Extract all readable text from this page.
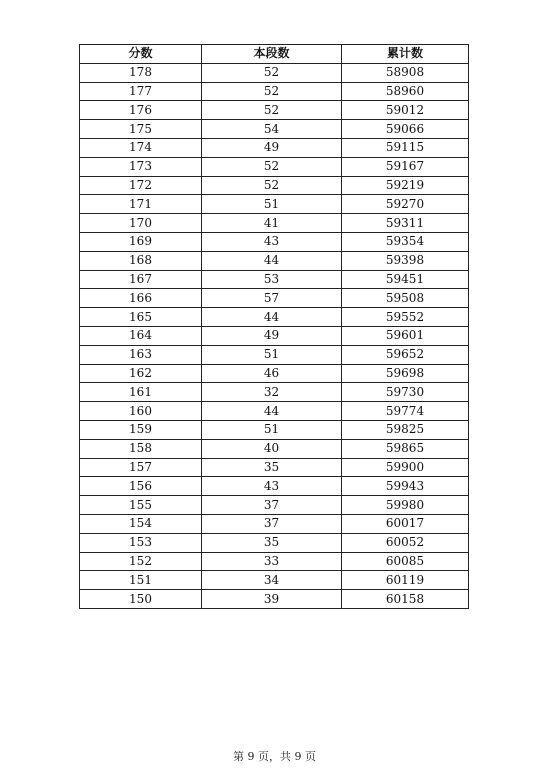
分数	本段数	累计数
178	52	58908
177	52	58960
176	52	59012
175	54	59066
174	49	59115
173	52	59167
172	52	59219
171	51	59270
170	41	59311
169	43	59354
168	44	59398
167	53	59451
166	57	59508
165	44	59552
164	49	59601
163	51	59652
162	46	59698
161	32	59730
160	44	59774
159	51	59825
158	40	59865
157	35	59900
156	43	59943
155	37	59980
154	37	60017
153	35	60052
152	33	60085
151	34	60119
150	39	60158
第 9 页，共 9 页
